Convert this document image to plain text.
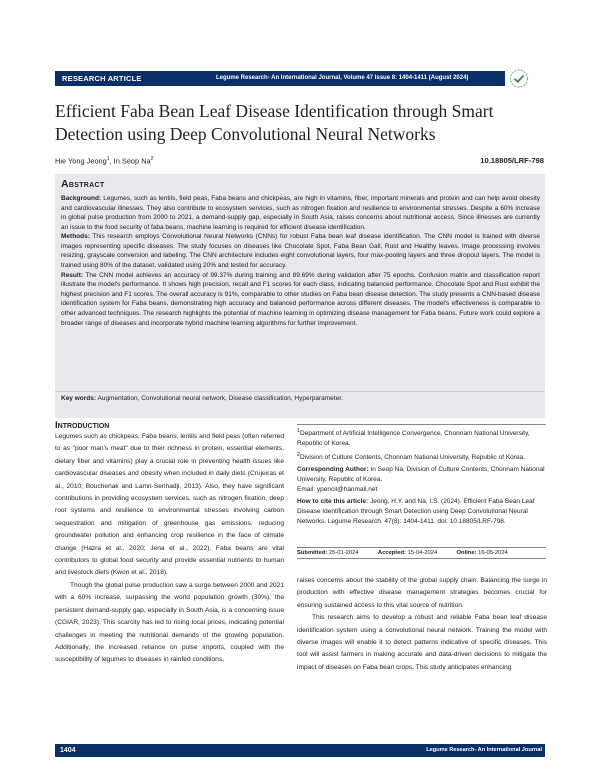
RESEARCH ARTICLE	Legume Research- An International Journal, Volume 47 Issue 8: 1404-1411 (August 2024)
Efficient Faba Bean Leaf Disease Identification through Smart Detection using Deep Convolutional Neural Networks
Hie Yong Jeong$^1$, In Seop Na$^2$	10.18805/LRF-798
Abstract

Background: Legumes, such as lentils, field peas, Faba beans and chickpeas, are high in vitamins, fiber, important minerals and protein and can help avoid obesity and cardiovascular illnesses. They also contribute to ecosystem services, such as nitrogen fixation and resilience to environmental stresses. Despite a 60% increase in global pulse production from 2000 to 2021, a demand-supply gap, especially in South Asia, raises concerns about nutritional access. Since illnesses are currently an issue to the food security of faba beans, machine learning is required for efficient disease identification.

Methods: This research employs Convolutional Neural Networks (CNNs) for robust Faba bean leaf disease identification. The CNN model is trained with diverse images representing specific diseases. The study focuses on diseases like Chocolate Spot, Faba Bean Gall, Rust and Healthy leaves. Image processing involves resizing, grayscale conversion and labeling. The CNN architecture includes eight convolutional layers, four max-pooling layers and three dropout layers. The model is trained using 80% of the dataset, validated using 20% and tested for accuracy.

Result: The CNN model achieves an accuracy of 99.37% during training and 89.69% during validation after 75 epochs. Confusion matrix and classification report illustrate the model's performance. It shows high precision, recall and F1 scores for each class, indicating balanced performance. Chocolate Spot and Rust exhibit the highest precision and F1 scores. The overall accuracy is 91%, comparable to other studies on Faba bean disease detection. The study presents a CNN-based disease identification system for Faba beans, demonstrating high accuracy and balanced performance across different diseases. The model's effectiveness is comparable to other advanced techniques. The research highlights the potential of machine learning in optimizing disease management for Faba beans. Future work could explore a broader range of diseases and incorporate hybrid machine learning algorithms for further improvement.

Key words: Augmentation, Convolutional neural network, Disease classification, Hyperparameter.
Introduction

Legumes such as chickpeas, Faba beans, lentils and field peas (often referred to as "poor man's meat" due to their richness in protein, essential elements, dietary fiber and vitamins) play a crucial role in preventing health issues like cardiovascular diseases and obesity when included in daily diets (Crujeiras et al., 2010; Bouchenak and Lamri-Senhadji, 2013). Also, they have significant contributions in providing ecosystem services, such as nitrogen fixation, deep root systems and resilience to environmental stresses involving carbon sequestration and mitigation of greenhouse gas emissions, reducing groundwater pollution and enhancing crop resilience in the face of climate change (Hazra et al., 2020; Jena et al., 2022). Faba beans are vital contributors to global food security and provide essential nutrients to human and livestock diets (Kwon et al., 2018).

Though the global pulse production saw a surge between 2000 and 2021 with a 60% increase, surpassing the world population growth (30%), the persistent demand-supply gap, especially in South Asia, is a concerning issue (CGIAR, 2023). This scarcity has led to rising local prices, indicating potential challenges in meeting the nutritional demands of the growing population. Additionally, the increased reliance on pulse imports, coupled with the susceptibility of legumes to diseases in rainfed conditions,

$^1$Department of Artificial Intelligence Convergence, Chonnam National University, Republic of Korea.

$^2$Division of Culture Contents, Chonnam National University, Republic of Korea.

Corresponding Author: In Seop Na, Division of Culture Contents, Chonnam National University, Republic of Korea.
Email: ypencil@hanmail.net

How to cite this article: Jeong, H.Y. and Na, I.S. (2024). Efficient Faba Bean Leaf Disease Identification through Smart Detection using Deep Convolutional Neural Networks. Legume Research. 47(8): 1404-1411. doi: 10.18805/LRF-798.

Submitted: 25-01-2024	Accepted: 15-04-2024	Online: 16-05-2024

raises concerns about the stability of the global supply chain. Balancing the surge in production with effective disease management strategies becomes crucial for ensuring sustained access to this vital source of nutrition.

This research aims to develop a robust and reliable Faba bean leaf disease identification system using a convolutional neural network. Training the model with diverse images will enable it to detect patterns indicative of specific diseases. This tool will assist farmers in making accurate and data-driven decisions to mitigate the impact of diseases on Faba bean crops. This study anticipates enhancing

1404	Legume Research- An International Journal
